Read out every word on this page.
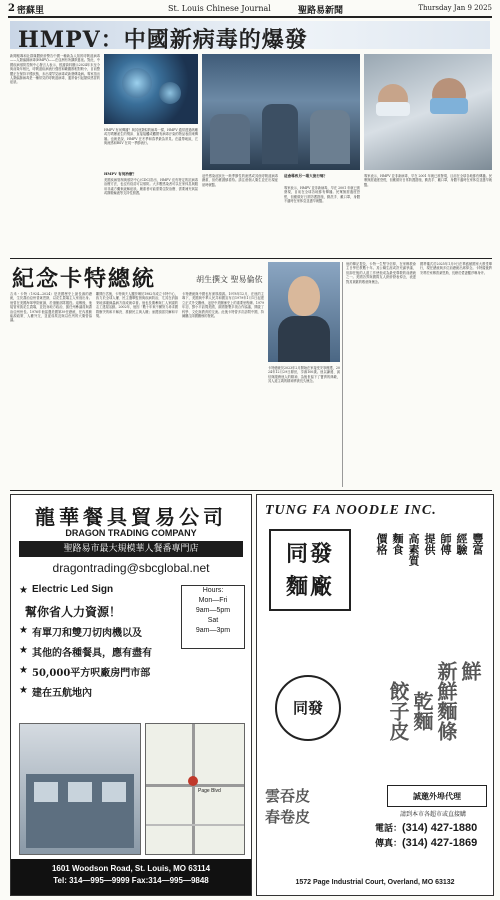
2 密蘇里	St. Louis Chinese Journal	聖路易新聞	Thursday Jan 9 2025
HMPV：中國新病毒的爆發
新聞報導和社群媒體紛紛警告中國一種新為人知的呼吸道病毒——人類偏肺病毒(HMPV)——在亞洲有所擴散蔓延。對此，中國疾病預防控制中心發言人表示，根據資料顯示2024年末至今與前幾年相比，呼吸道疾病流行強度和範圍都相對較小，目前整體正在保持平穩狀態，未出現罕見病毒或新發傳染病。專家指出人類偏肺病毒是一種常見的呼吸道病毒，通常會引起類似感冒的症狀。
HMPV 有何傳播？與其他類似的病毒一樣，HMPV 通常透過咳嗽或打噴嚏產生的飛沫、直接接觸或觸摸有病毒汙染的物品表面來傳播。也就是說，HMPV 在冬季和春季最為常見。在溫帶地區，它與流感和RSV 在同一季節流行。
HMPV 有何治療？
美國疾病管制與預防中心(CDC)指出，HMPV 沒有特定的抗病毒治療方法，也沒有疫苗可以預防。大多數感染者可以在家休息與服用非處方藥來緩解症狀。嚴重者可能需要住院治療、需要補充氧氣或靜脈輸液等支持性照護。
這些感染症狀比一般季節性的流感或其他呼吸道病毒嚴重，但仍應謹慎看待。請注意個人衛生並在出現症狀時就醫。
這會導致另一場大流行嗎？
專家表示，HMPV 並非新病毒，早在 2001 年就已被發現，目前在全球各地都有傳播。民眾無需過度恐慌，但應做好日常防護措施，勤洗手、戴口罩，身體不適時在家休息並盡早就醫。
專家表示，HMPV 並非新病毒，早在 2001 年就已被發現，目前在全球各地都有傳播。民眾無需過度恐慌，但應做好日常防護措施，勤洗手、戴口罩，身體不適時在家休息並盡早就醫。
紀念卡特總統	胡生撰文 聖易倫依
吉米・卡特（1924—2024）是美國歷史上最長壽的總統，生於喬治亞州普萊恩斯，以花生農場主人家庭出身。他曾在美國海軍學院就讀，於潛艇部隊服役。返鄉後，他接管家族花生農場，並投身地方政治，擔任州參議員與喬治亞州州長。1976年他當選美國第39任總統，任內推動能源政策、人權外交，並促成埃及與以色列的大衛營協議。
離開白宮後，卡特與夫人羅莎琳於1982年成立卡特中心，致力於全球人權、民主選舉監督與疾病防治，尤其在消滅麥地那龍線蟲病方面成就卓著。他也長期參與仁人家園的志工建屋活動。2002年，他因「數十年來不懈努力尋求國際衝突的和平解決、推動民主與人權」而獲頒諾貝爾和平獎。
卡特總統與中國也有深厚淵源。1978年12月，在他的主導下，美國與中華人民共和國宣布自1979年1月1日起建立正式外交關係，這是中美關係史上的重要里程碑。1979年初，鄧小平訪問美國，兩國簽署多項合作協議，開啟了科學、文化與教育的交流。此後卡特曾多次訪問中國，持續關注兩國關係的發展。
卡特總統於2023年2月開始在家接受安寧療護，2024年12月29日辭世，享壽100歲。他以謙遜、誠信與服務他人的精神，為後世留下了寶貴的典範，其人道主義的精神將被長久懷念。
他的傳記提及，卡特一生堅守信仰，在家鄉教會主日學任教數十年。其公職生涯或許充滿爭議，但卸任後的人道工作使他成為最受尊敬的前總統之一。美國各界與國際友人紛紛發表悼念，表達對其貢獻的敬意與懷念。
國葬儀式於2025年1月9日在華盛頓國家大教堂舉行，現任總統與多位前總統出席悼念。卡特隨後將安葬於家鄉普萊恩斯，長眠於愛妻羅莎琳身旁。
龍華餐具貿易公司
DRAGON TRADING COMPANY
聖路易市最大規模華人餐番專門店
dragontrading@sbcglobal.net
★ Electric Led Sign
幫你省人力資源！
★ 有單刀和雙刀切肉機以及
★ 其他的各種餐具，應有盡有
★ 50,000平方呎廠房門市部
★ 建在五航地內
Hours:
Mon—Fri
9am—5pm
Sat
9am—3pm
Page Blvd
1601 Woodson Road, St. Louis, MO 63114
Tel: 314—995—9999 Fax:314—995—9848
TUNG FA NOODLE INC.
同發
麵廠
豐富
經驗
師傅
提供
高素質
麵食
價格
同發
鮮
新鮮麵條
乾麵
餃子皮
雲吞皮
春卷皮
誠邀外埠代理
請到本市各超市或直接購
電話：(314) 427-1880
傳真：(314) 427-1869
1572 Page Industrial Court, Overland, MO 63132
